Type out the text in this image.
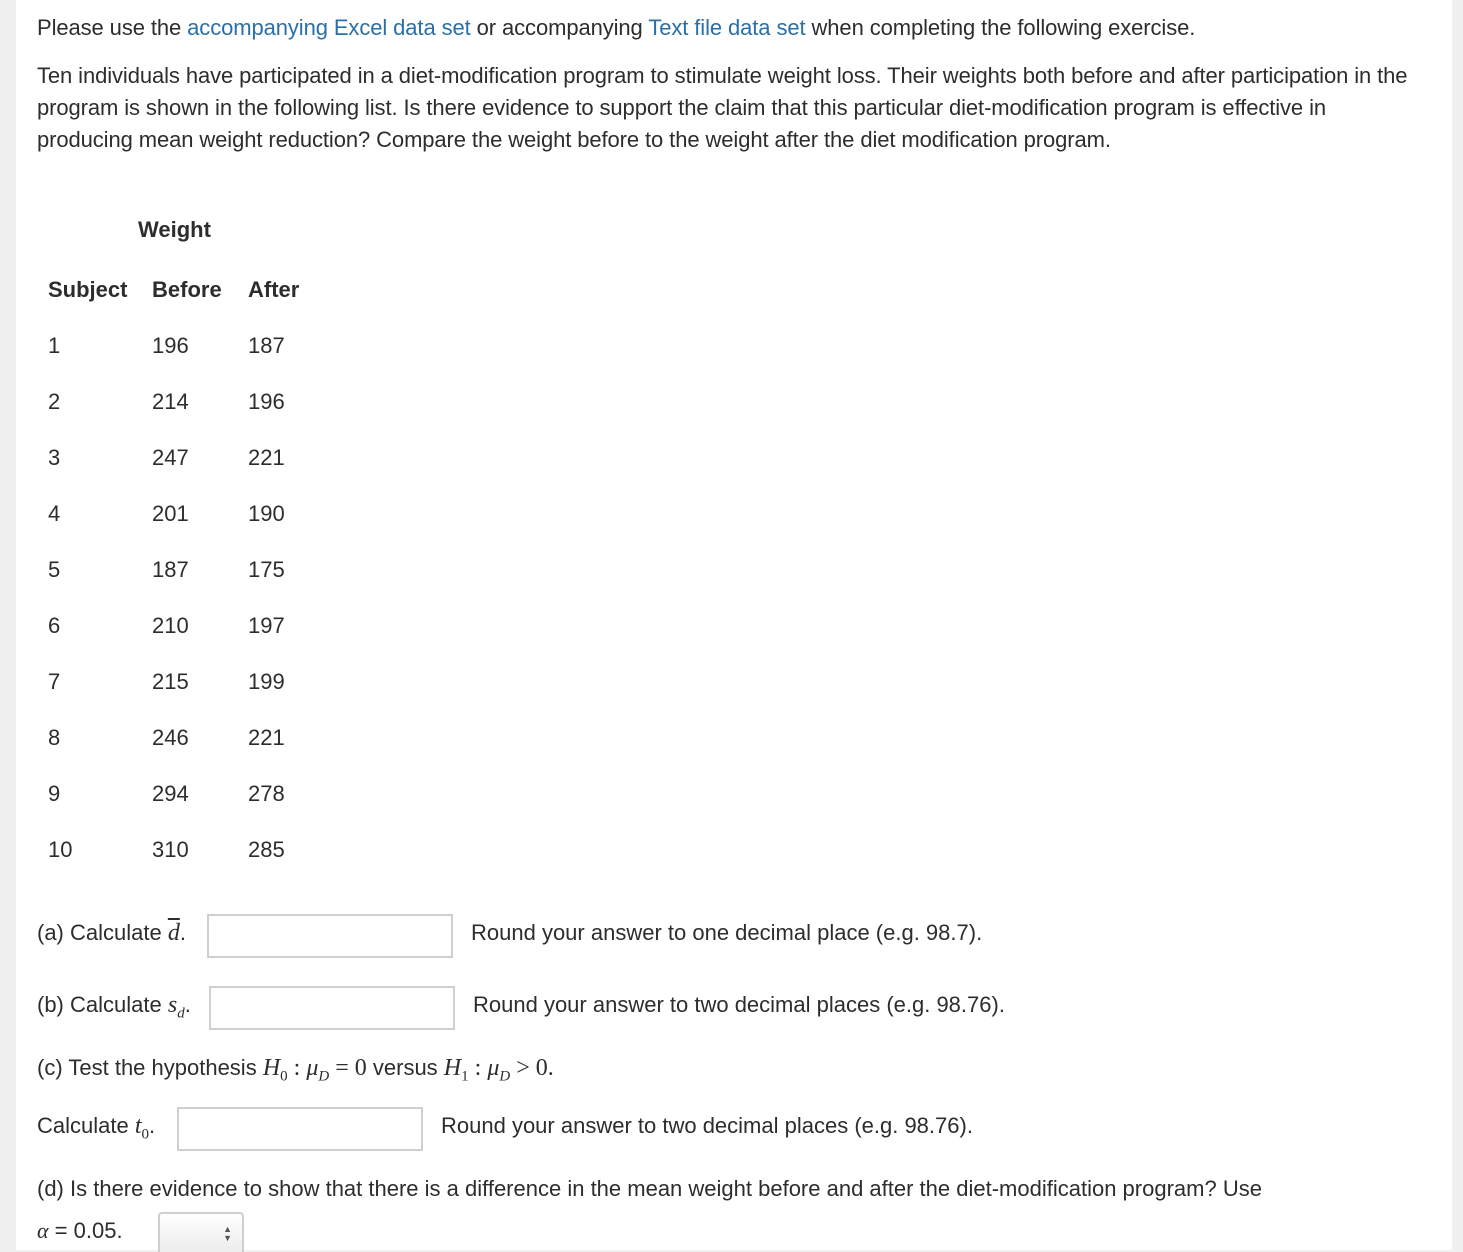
Please use the accompanying Excel data set or accompanying Text file data set when completing the following exercise.

Ten individuals have participated in a diet-modification program to stimulate weight loss. Their weights both before and after participation in the program is shown in the following list. Is there evidence to support the claim that this particular diet-modification program is effective in producing mean weight reduction? Compare the weight before to the weight after the diet modification program.

Weight
Subject	Before	After
1	196	187
2	214	196
3	247	221
4	201	190
5	187	175
6	210	197
7	215	199
8	246	221
9	294	278
10	310	285
(a) Calculate $\overline{d}$.	Round your answer to one decimal place (e.g. 98.7).
(b) Calculate $s_d$.	Round your answer to two decimal places (e.g. 98.76).
(c) Test the hypothesis $H_0$ : $\mu_D = 0$ versus $H_1$ : $\mu_D > 0$.
Calculate $t_0$.	Round your answer to two decimal places (e.g. 98.76).
(d) Is there evidence to show that there is a difference in the mean weight before and after the diet-modification program? Use
α = 0.05.	▲
▼
